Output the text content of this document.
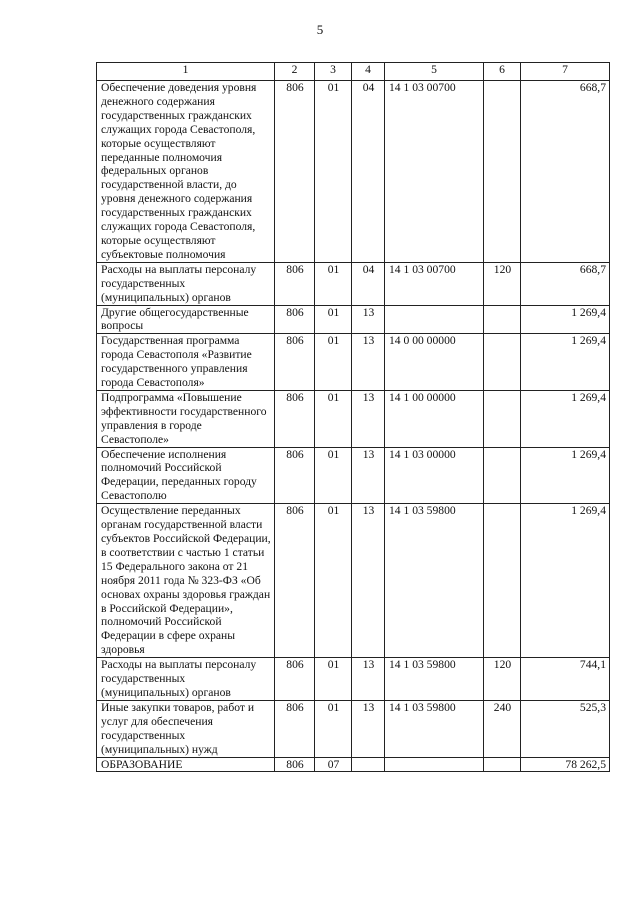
5
1	2	3	4	5	6	7
Обеспечение доведения уровня денежного содержания государственных гражданских служащих города Севастополя, которые осуществляют переданные полномочия федеральных органов государственной власти, до уровня денежного содержания государственных гражданских служащих города Севастополя, которые осуществляют субъектовые полномочия	806	01	04	14 1 03 00700		668,7
Расходы на выплаты персоналу государственных (муниципальных) органов	806	01	04	14 1 03 00700	120	668,7
Другие общегосударственные вопросы	806	01	13			1 269,4
Государственная программа города Севастополя «Развитие государственного управления города Севастополя»	806	01	13	14 0 00 00000		1 269,4
Подпрограмма «Повышение эффективности государственного управления в городе Севастополе»	806	01	13	14 1 00 00000		1 269,4
Обеспечение исполнения полномочий Российской Федерации, переданных городу Севастополю	806	01	13	14 1 03 00000		1 269,4
Осуществление переданных органам государственной власти субъектов Российской Федерации, в соответствии с частью 1 статьи 15 Федерального закона от 21 ноября 2011 года № 323-ФЗ «Об основах охраны здоровья граждан в Российской Федерации», полномочий Российской Федерации в сфере охраны здоровья	806	01	13	14 1 03 59800		1 269,4
Расходы на выплаты персоналу государственных (муниципальных) органов	806	01	13	14 1 03 59800	120	744,1
Иные закупки товаров, работ и услуг для обеспечения государственных (муниципальных) нужд	806	01	13	14 1 03 59800	240	525,3
ОБРАЗОВАНИЕ	806	07				78 262,5
